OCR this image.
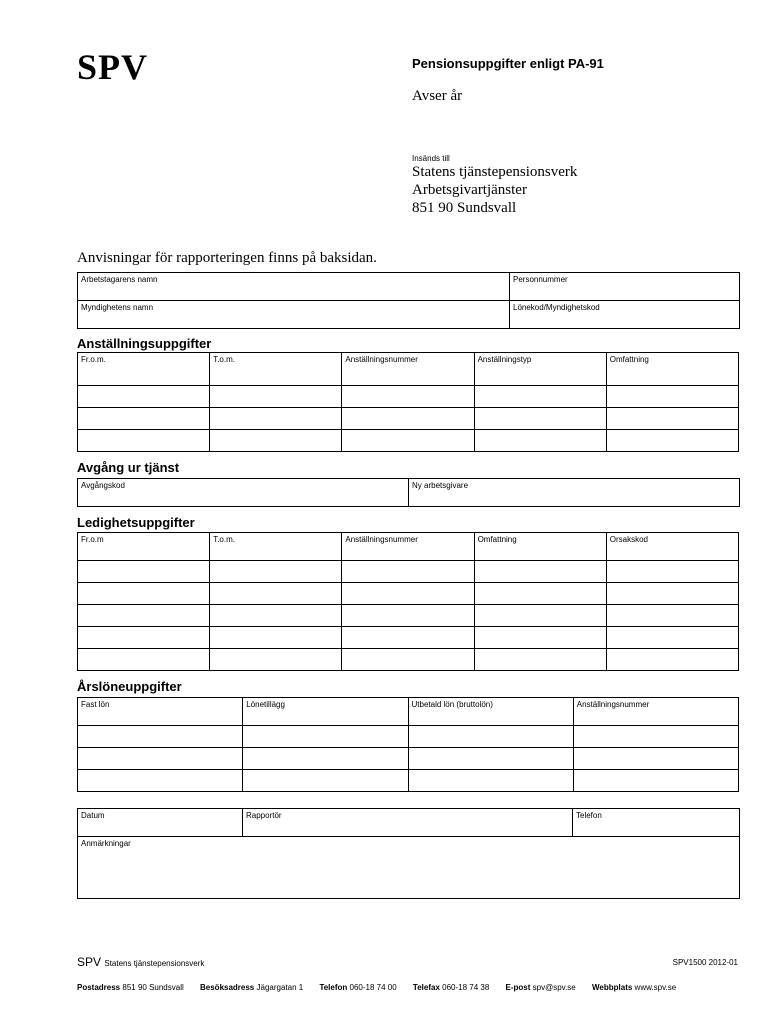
SPV	Pensionsuppgifter enligt PA-91
Avser år
Insänds till
Statens tjänstepensionsverk
Arbetsgivartjänster
851 90 Sundsvall
Anvisningar för rapporteringen finns på baksidan.
Arbetstagarens namn	Personnummer
Myndighetens namn	Lönekod/Myndighetskod
Anställningsuppgifter
Fr.o.m.	T.o.m.	Anställningsnummer	Anställningstyp	Omfattning

Avgång ur tjänst
Avgångskod	Ny arbetsgivare
Ledighetsuppgifter
Fr.o.m	T.o.m.	Anställningsnummer	Omfattning	Orsakskod

Årslöneuppgifter
Fast lön	Lönetillägg	Utbetald lön (bruttolön)	Anställningsnummer

Datum	Rapportör	Telefon
Anmärkningar
SPV Statens tjänstepensionsverk	SPV1500 2012-01
Postadress 851 90 Sundsvall Besöksadress Jägargatan 1 Telefon 060-18 74 00 Telefax 060-18 74 38 E-post spv@spv.se Webbplats www.spv.se
